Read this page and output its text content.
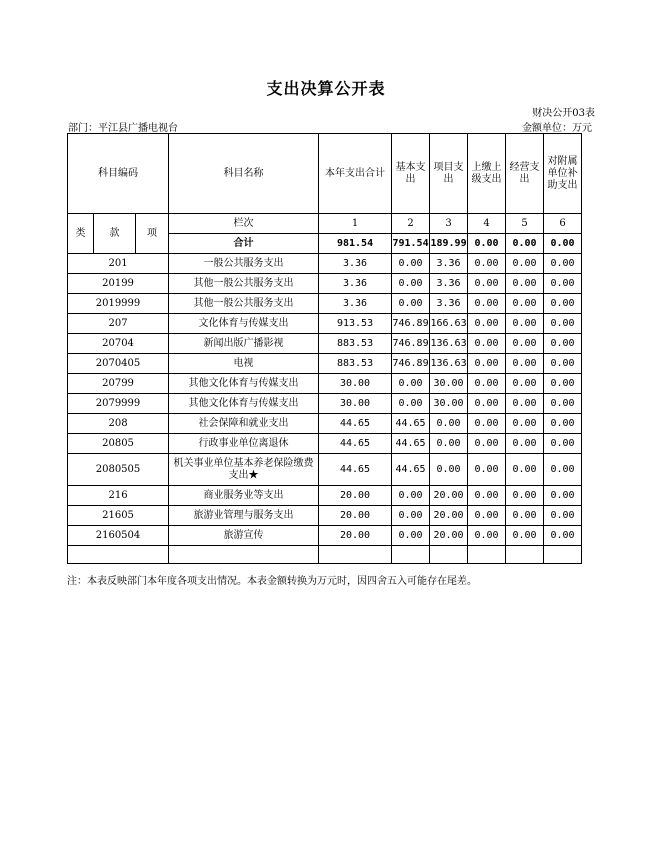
支出决算公开表
财决公开03表
部门：平江县广播电视台	金额单位：万元
科目编码			科目名称	本年支出合计	基本支出	项目支出	上缴上级支出	经营支出	对附属单位补助支出
类	款	项	栏次	1	2	3	4	5	6
			合计	981.54	791.54	189.99	0.00	0.00	0.00
201			一般公共服务支出	3.36	0.00	3.36	0.00	0.00	0.00
20199			其他一般公共服务支出	3.36	0.00	3.36	0.00	0.00	0.00
2019999			其他一般公共服务支出	3.36	0.00	3.36	0.00	0.00	0.00
207			文化体育与传媒支出	913.53	746.89	166.63	0.00	0.00	0.00
20704			新闻出版广播影视	883.53	746.89	136.63	0.00	0.00	0.00
2070405			电视	883.53	746.89	136.63	0.00	0.00	0.00
20799			其他文化体育与传媒支出	30.00	0.00	30.00	0.00	0.00	0.00
2079999			其他文化体育与传媒支出	30.00	0.00	30.00	0.00	0.00	0.00
208			社会保障和就业支出	44.65	44.65	0.00	0.00	0.00	0.00
20805			行政事业单位离退休	44.65	44.65	0.00	0.00	0.00	0.00
2080505			机关事业单位基本养老保险缴费支出★	44.65	44.65	0.00	0.00	0.00	0.00
216			商业服务业等支出	20.00	0.00	20.00	0.00	0.00	0.00
21605			旅游业管理与服务支出	20.00	0.00	20.00	0.00	0.00	0.00
2160504			旅游宣传	20.00	0.00	20.00	0.00	0.00	0.00

注：本表反映部门本年度各项支出情况。本表金额转换为万元时，因四舍五入可能存在尾差。
